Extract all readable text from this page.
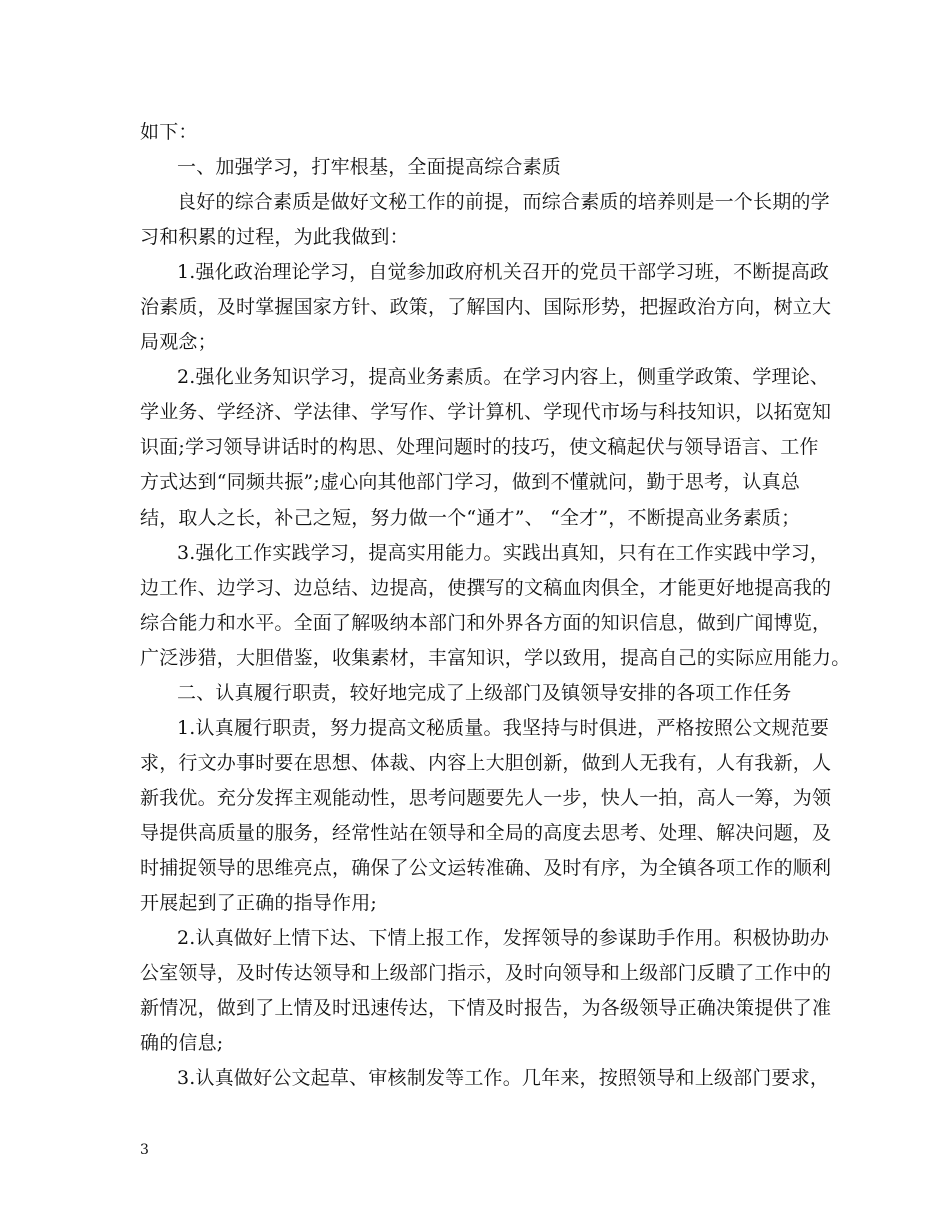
如下：
一、加强学习，打牢根基，全面提高综合素质
良好的综合素质是做好文秘工作的前提，而综合素质的培养则是一个长期的学
习和积累的过程，为此我做到：
1.强化政治理论学习，自觉参加政府机关召开的党员干部学习班，不断提高政
治素质，及时掌握国家方针、政策，了解国内、国际形势，把握政治方向，树立大
局观念；
2.强化业务知识学习，提高业务素质。在学习内容上，侧重学政策、学理论、
学业务、学经济、学法律、学写作、学计算机、学现代市场与科技知识，以拓宽知
识面;学习领导讲话时的构思、处理问题时的技巧，使文稿起伏与领导语言、工作
方式达到“同频共振”;虚心向其他部门学习，做到不懂就问，勤于思考，认真总
结，取人之长，补己之短，努力做一个“通才”、 “全才”，不断提高业务素质；
3.强化工作实践学习，提高实用能力。实践出真知，只有在工作实践中学习，
边工作、边学习、边总结、边提高，使撰写的文稿血肉俱全，才能更好地提高我的
综合能力和水平。全面了解吸纳本部门和外界各方面的知识信息，做到广闻博览，
广泛涉猎，大胆借鉴，收集素材，丰富知识，学以致用，提高自己的实际应用能力。
二、认真履行职责，较好地完成了上级部门及镇领导安排的各项工作任务
1.认真履行职责，努力提高文秘质量。我坚持与时俱进，严格按照公文规范要
求，行文办事时要在思想、体裁、内容上大胆创新，做到人无我有，人有我新，人
新我优。充分发挥主观能动性，思考问题要先人一步，快人一拍，高人一筹，为领
导提供高质量的服务，经常性站在领导和全局的高度去思考、处理、解决问题，及
时捕捉领导的思维亮点，确保了公文运转准确、及时有序，为全镇各项工作的顺利
开展起到了正确的指导作用;
2.认真做好上情下达、下情上报工作，发挥领导的参谋助手作用。积极协助办
公室领导，及时传达领导和上级部门指示，及时向领导和上级部门反瞶了工作中的
新情况，做到了上情及时迅速传达，下情及时报告，为各级领导正确决策提供了准
确的信息;
3.认真做好公文起草、审核制发等工作。几年来，按照领导和上级部门要求，
3
